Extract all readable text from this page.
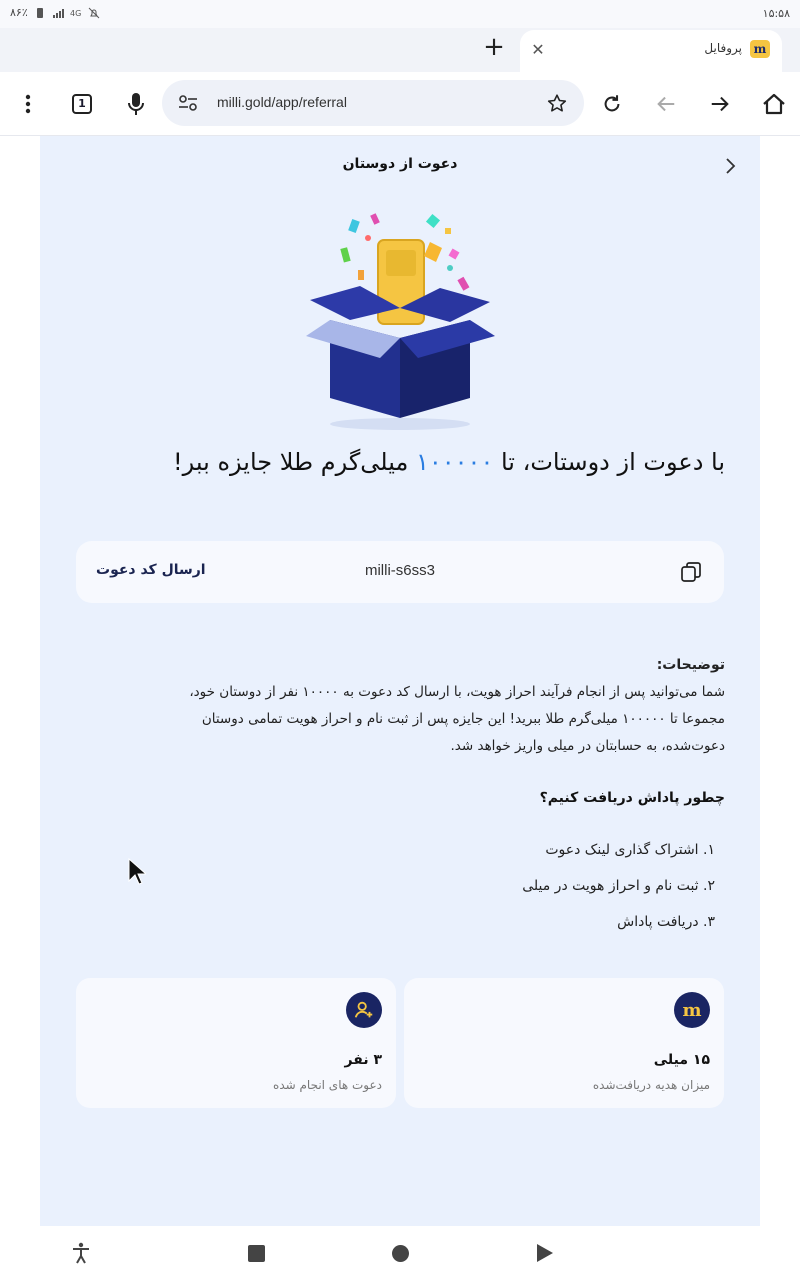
۸۶٪	4G	۱۵:۵۸
+ ✕	پروفایل m
1	milli.gold/app/referral
دعوت از دوستان
با دعوت از دوستات، تا ۱۰۰۰۰۰ میلی‌گرم طلا جایزه ببر!
ارسال کد دعوت	milli-s6ss3
توضیحات:
شما می‌توانید پس از انجام فرآیند احراز هویت، با ارسال کد دعوت به ۱۰۰۰۰ نفر از دوستان خود،
مجموعا تا ۱۰۰۰۰۰ میلی‌گرم طلا ببرید! این جایزه پس از ثبت نام و احراز هویت تمامی دوستان
دعوت‌شده، به حسابتان در میلی واریز خواهد شد.
چطور پاداش دریافت کنیم؟
۱. اشتراک گذاری لینک دعوت
۲. ثبت نام و احراز هویت در میلی
۳. دریافت پاداش
m
۱۵ میلی
میزان هدیه دریافت‌شده
۳ نفر
دعوت های انجام شده
